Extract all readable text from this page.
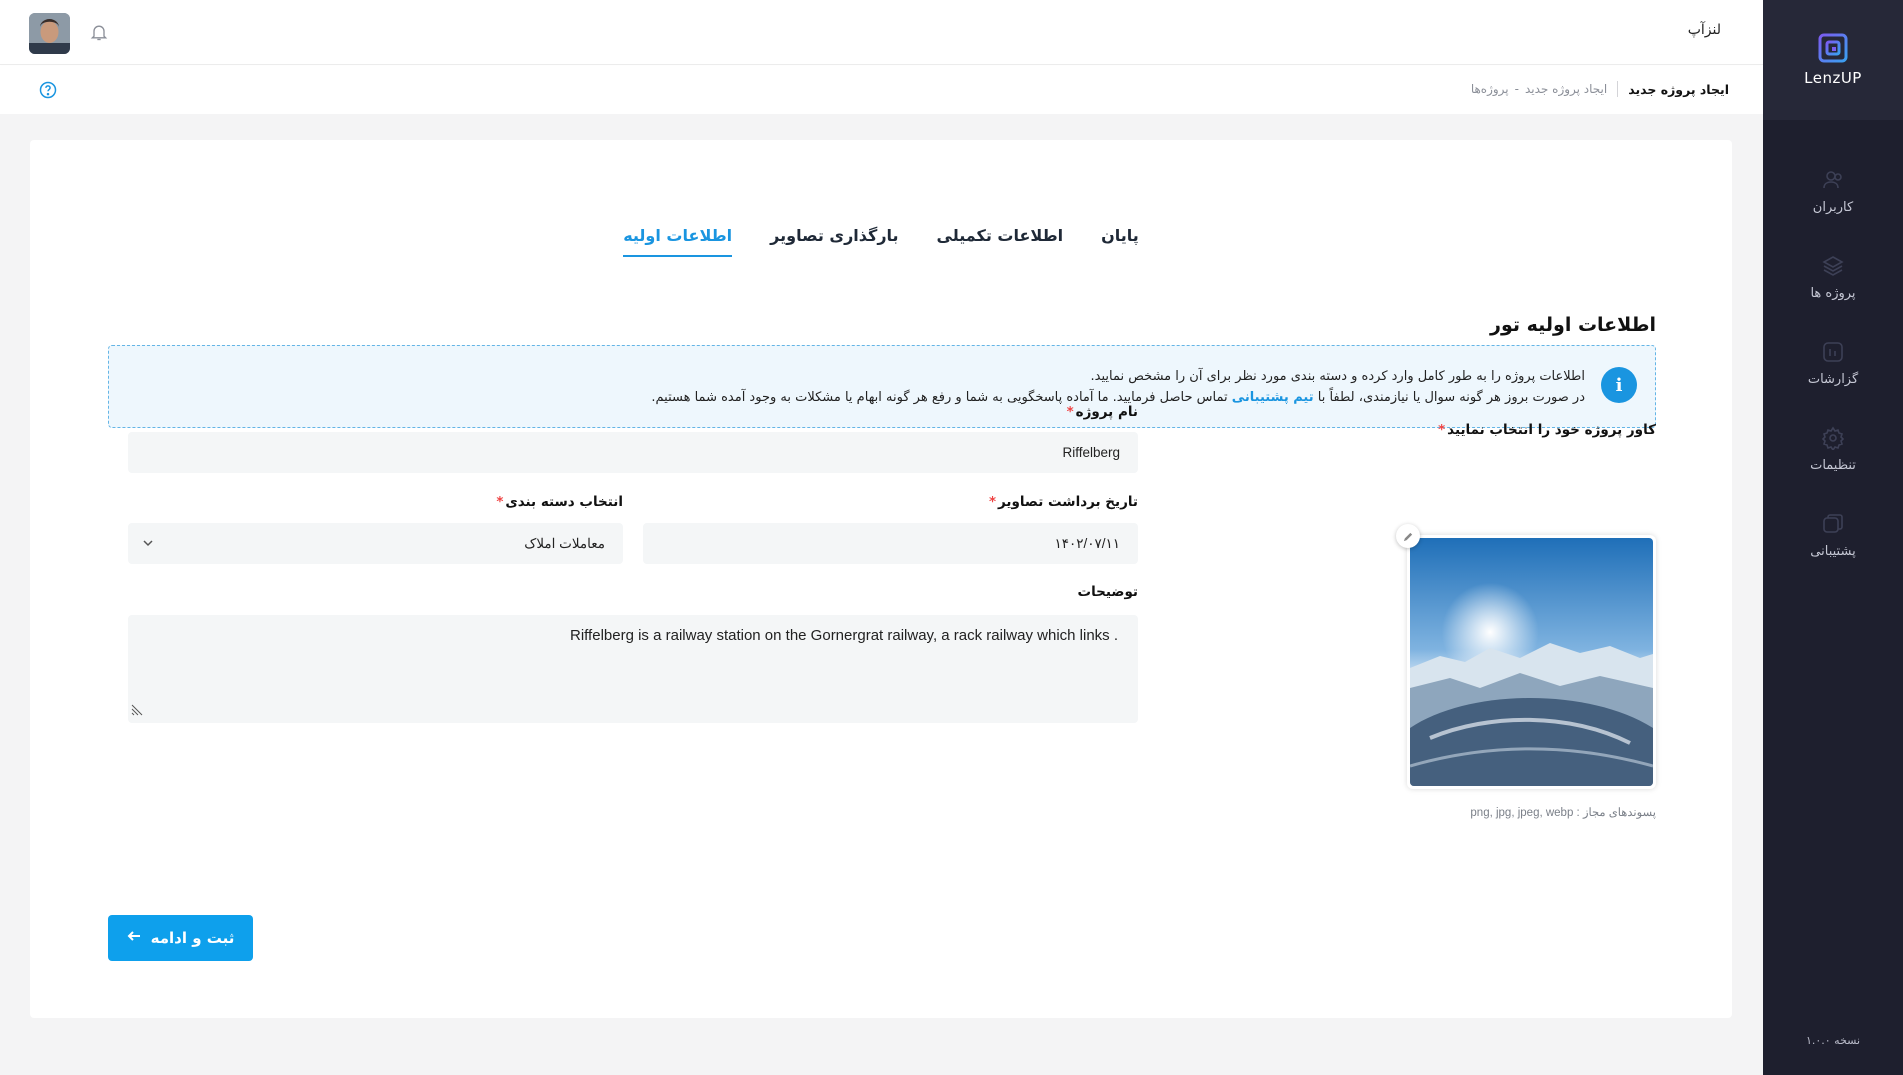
LenzUP
کاربران
پروژه ها
گزارشات
تنظیمات
پشتیبانی
نسخه ۱.۰.۰
لنزآپ
ایجاد پروژه جدید
-
پروژه‌ها	ایجاد پروژه جدید
اطلاعات اولیه بارگذاری تصاویر اطلاعات تکمیلی پایان
اطلاعات اولیه تور
i
اطلاعات پروژه را به طور کامل وارد کرده و دسته بندی مورد نظر برای آن را مشخص نمایید.
در صورت بروز هر گونه سوال یا نیازمندی، لطفاً با تیم پشتیبانی تماس حاصل فرمایید. ما آماده پاسخگویی به شما و رفع هر گونه ابهام یا مشکلات به وجود آمده شما هستیم.
نام پروژه*
Riffelberg
تاریخ برداشت تصاویر*
۱۴۰۲/۰۷/۱۱
انتخاب دسته بندی*
معاملات املاک
توضیحات
Riffelberg is a railway station on the Gornergrat railway, a rack railway which links .
کاور پروژه خود را انتخاب نمایید*
پسوندهای مجاز : png, jpg, jpeg, webp
ثبت و ادامه
